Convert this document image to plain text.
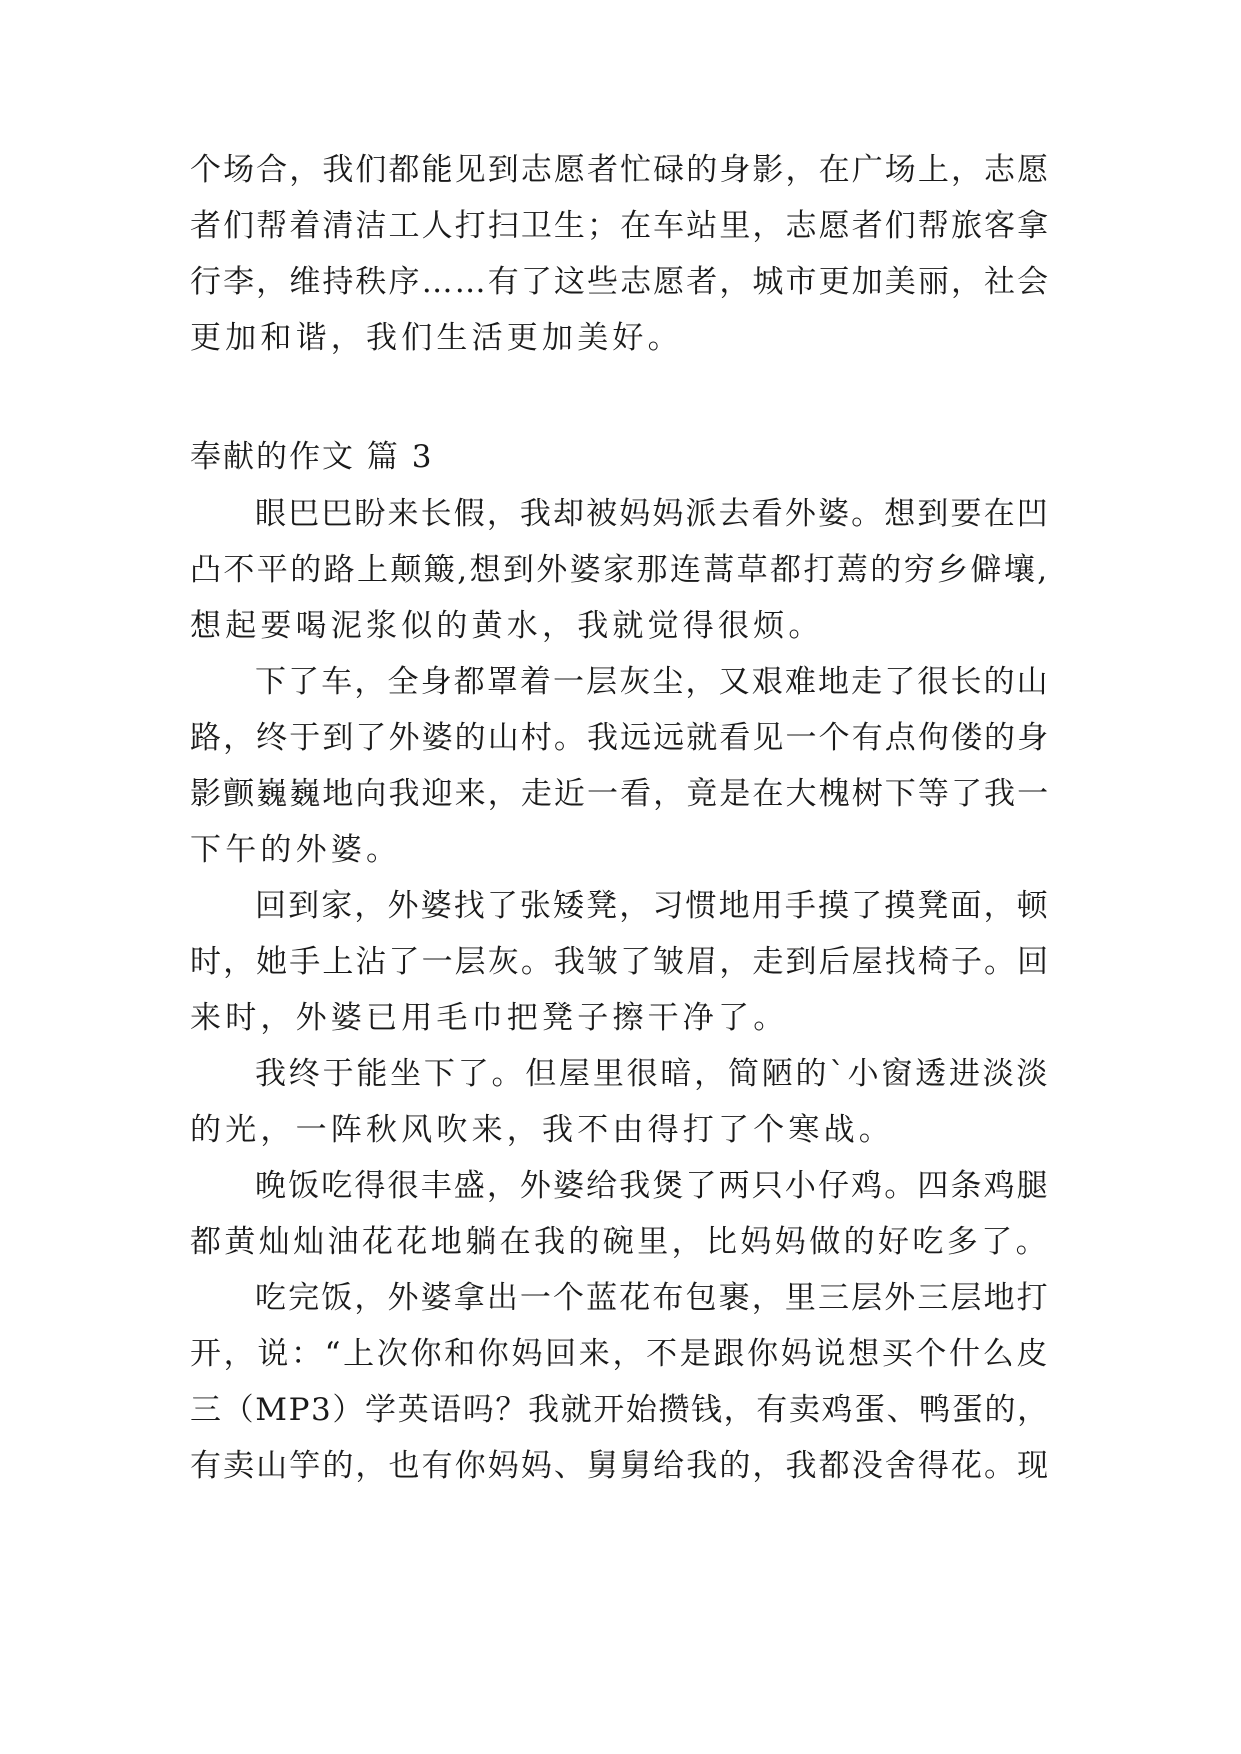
个场合，我们都能见到志愿者忙碌的身影，在广场上，志愿
者们帮着清洁工人打扫卫生；在车站里，志愿者们帮旅客拿
行李，维持秩序……有了这些志愿者，城市更加美丽，社会
更加和谐，我们生活更加美好。
奉献的作文 篇 3
眼巴巴盼来长假，我却被妈妈派去看外婆。想到要在凹
凸不平的路上颠簸,想到外婆家那连蒿草都打蔫的穷乡僻壤,
想起要喝泥浆似的黄水，我就觉得很烦。
下了车，全身都罩着一层灰尘，又艰难地走了很长的山
路，终于到了外婆的山村。我远远就看见一个有点佝偻的身
影颤巍巍地向我迎来，走近一看，竟是在大槐树下等了我一
下午的外婆。
回到家，外婆找了张矮凳，习惯地用手摸了摸凳面，顿
时，她手上沾了一层灰。我皱了皱眉，走到后屋找椅子。回
来时，外婆已用毛巾把凳子擦干净了。
我终于能坐下了。但屋里很暗，简陋的`小窗透进淡淡
的光，一阵秋风吹来，我不由得打了个寒战。
晚饭吃得很丰盛，外婆给我煲了两只小仔鸡。四条鸡腿
都黄灿灿油花花地躺在我的碗里，比妈妈做的好吃多了。
吃完饭，外婆拿出一个蓝花布包裹，里三层外三层地打
开，说：“上次你和你妈回来，不是跟你妈说想买个什么皮
三（MP3）学英语吗？我就开始攒钱，有卖鸡蛋、鸭蛋的，
有卖山竽的，也有你妈妈、舅舅给我的，我都没舍得花。现
